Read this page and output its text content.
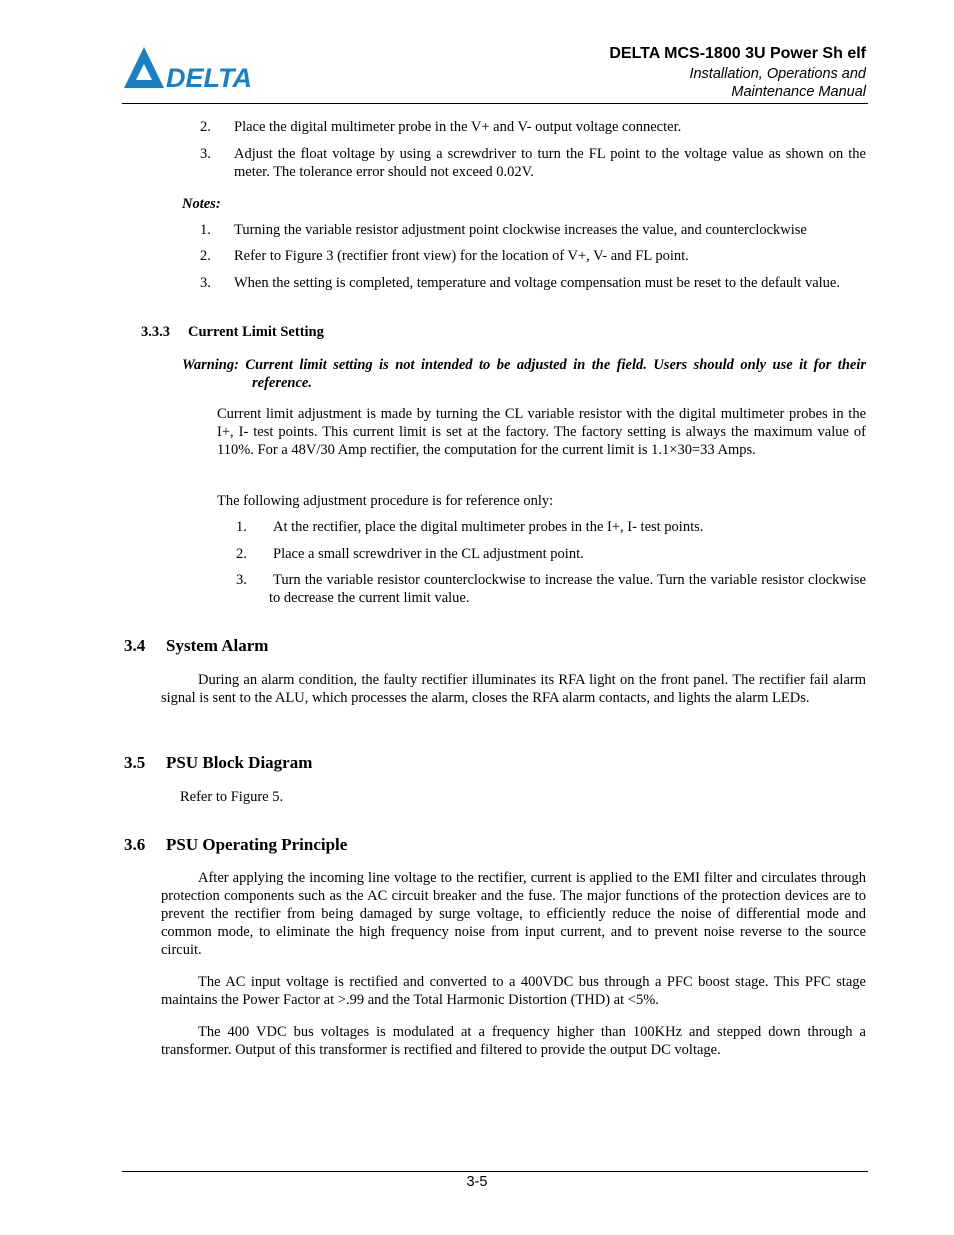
DELTA
DELTA MCS-1800 3U Power Sh elf
Installation, Operations and
Maintenance Manual
2. Place the digital multimeter probe in the V+ and V- output voltage connecter.
3. Adjust the float voltage by using a screwdriver to turn the FL point to the voltage value as shown on the meter. The tolerance error should not exceed 0.02V.
Notes:
1. Turning the variable resistor adjustment point clockwise increases the value, and counterclockwise
2. Refer to Figure 3 (rectifier front view) for the location of V+, V- and FL point.
3. When the setting is completed, temperature and voltage compensation must be reset to the default value.
3.3.3 Current Limit Setting
Warning: Current limit setting is not intended to be adjusted in the field. Users should only use it for their reference.
Current limit adjustment is made by turning the CL variable resistor with the digital multimeter probes in the I+, I- test points. This current limit is set at the factory. The factory setting is always the maximum value of 110%. For a 48V/30 Amp rectifier, the computation for the current limit is 1.1×30=33 Amps.
The following adjustment procedure is for reference only:
1. At the rectifier, place the digital multimeter probes in the I+, I- test points.
2. Place a small screwdriver in the CL adjustment point.
3. Turn the variable resistor counterclockwise to increase the value. Turn the variable resistor clockwise to decrease the current limit value.
3.4 System Alarm
During an alarm condition, the faulty rectifier illuminates its RFA light on the front panel. The rectifier fail alarm signal is sent to the ALU, which processes the alarm, closes the RFA alarm contacts, and lights the alarm LEDs.
3.5 PSU Block Diagram
Refer to Figure 5.
3.6 PSU Operating Principle
After applying the incoming line voltage to the rectifier, current is applied to the EMI filter and circulates through protection components such as the AC circuit breaker and the fuse. The major functions of the protection devices are to prevent the rectifier from being damaged by surge voltage, to efficiently reduce the noise of differential mode and common mode, to eliminate the high frequency noise from input current, and to prevent noise reverse to the source circuit.
The AC input voltage is rectified and converted to a 400VDC bus through a PFC boost stage. This PFC stage maintains the Power Factor at >.99 and the Total Harmonic Distortion (THD) at <5%.
The 400 VDC bus voltages is modulated at a frequency higher than 100KHz and stepped down through a transformer. Output of this transformer is rectified and filtered to provide the output DC voltage.
3-5
